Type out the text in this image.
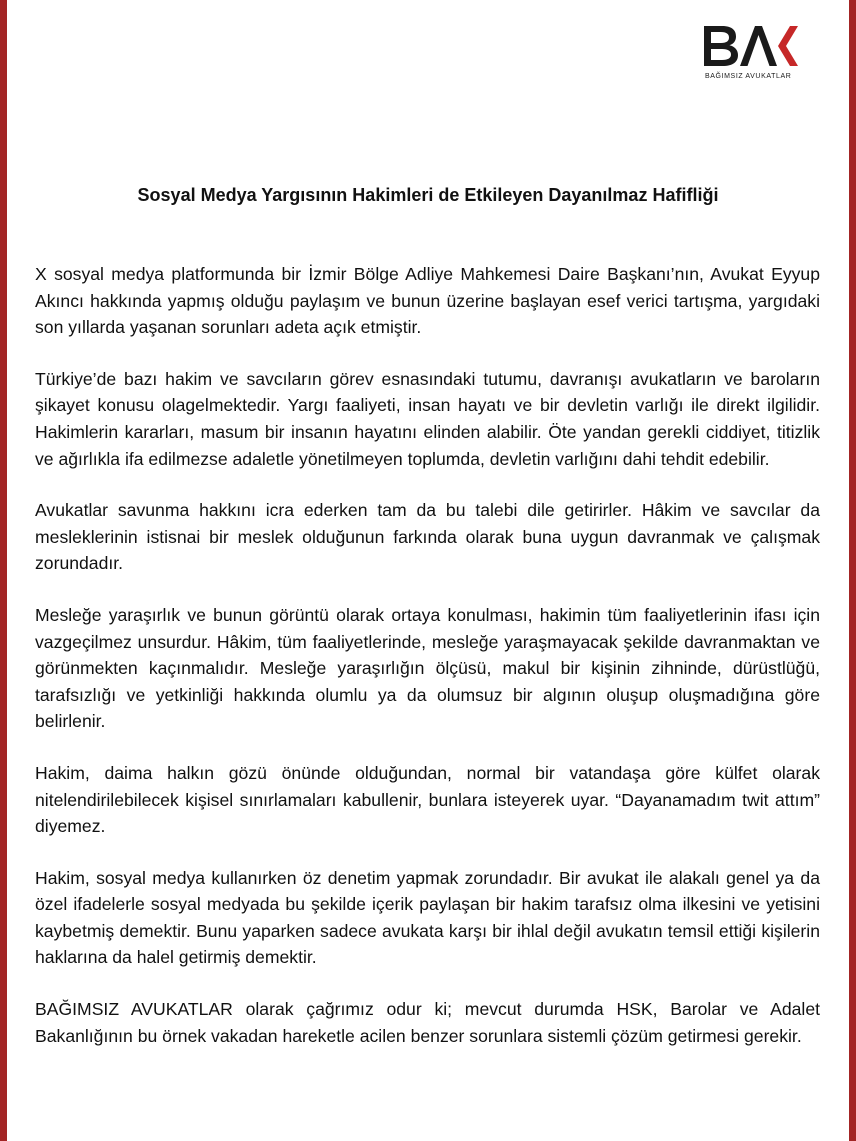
BAĞIMSIZ AVUKATLAR
Sosyal Medya Yargısının Hakimleri de Etkileyen Dayanılmaz Hafifliği

X sosyal medya platformunda bir İzmir Bölge Adliye Mahkemesi Daire Başkanı’nın, Avukat Eyyup Akıncı hakkında yapmış olduğu paylaşım ve bunun üzerine başlayan esef verici tartışma, yargıdaki son yıllarda yaşanan sorunları adeta açık etmiştir.

Türkiye’de bazı hakim ve savcıların görev esnasındaki tutumu, davranışı avukatların ve baroların şikayet konusu olagelmektedir. Yargı faaliyeti, insan hayatı ve bir devletin varlığı ile direkt ilgilidir. Hakimlerin kararları, masum bir insanın hayatını elinden alabilir. Öte yandan gerekli ciddiyet, titizlik ve ağırlıkla ifa edilmezse adaletle yönetilmeyen toplumda, devletin varlığını dahi tehdit edebilir.

Avukatlar savunma hakkını icra ederken tam da bu talebi dile getirirler. Hâkim ve savcılar da mesleklerinin istisnai bir meslek olduğunun farkında olarak buna uygun davranmak ve çalışmak zorundadır.

Mesleğe yaraşırlık ve bunun görüntü olarak ortaya konulması, hakimin tüm faaliyetlerinin ifası için vazgeçilmez unsurdur. Hâkim, tüm faaliyetlerinde, mesleğe yaraşmayacak şekilde davranmaktan ve görünmekten kaçınmalıdır. Mesleğe yaraşırlığın ölçüsü, makul bir kişinin zihninde, dürüstlüğü, tarafsızlığı ve yetkinliği hakkında olumlu ya da olumsuz bir algının oluşup oluşmadığına göre belirlenir.

Hakim, daima halkın gözü önünde olduğundan, normal bir vatandaşa göre külfet olarak nitelendirilebilecek kişisel sınırlamaları kabullenir, bunlara isteyerek uyar. “Dayanamadım twit attım” diyemez.

Hakim, sosyal medya kullanırken öz denetim yapmak zorundadır. Bir avukat ile alakalı genel ya da özel ifadelerle sosyal medyada bu şekilde içerik paylaşan bir hakim tarafsız olma ilkesini ve yetisini kaybetmiş demektir. Bunu yaparken sadece avukata karşı bir ihlal değil avukatın temsil ettiği kişilerin haklarına da halel getirmiş demektir.

BAĞIMSIZ AVUKATLAR olarak çağrımız odur ki; mevcut durumda HSK, Barolar ve Adalet Bakanlığının bu örnek vakadan hareketle acilen benzer sorunlara sistemli çözüm getirmesi gerekir.
